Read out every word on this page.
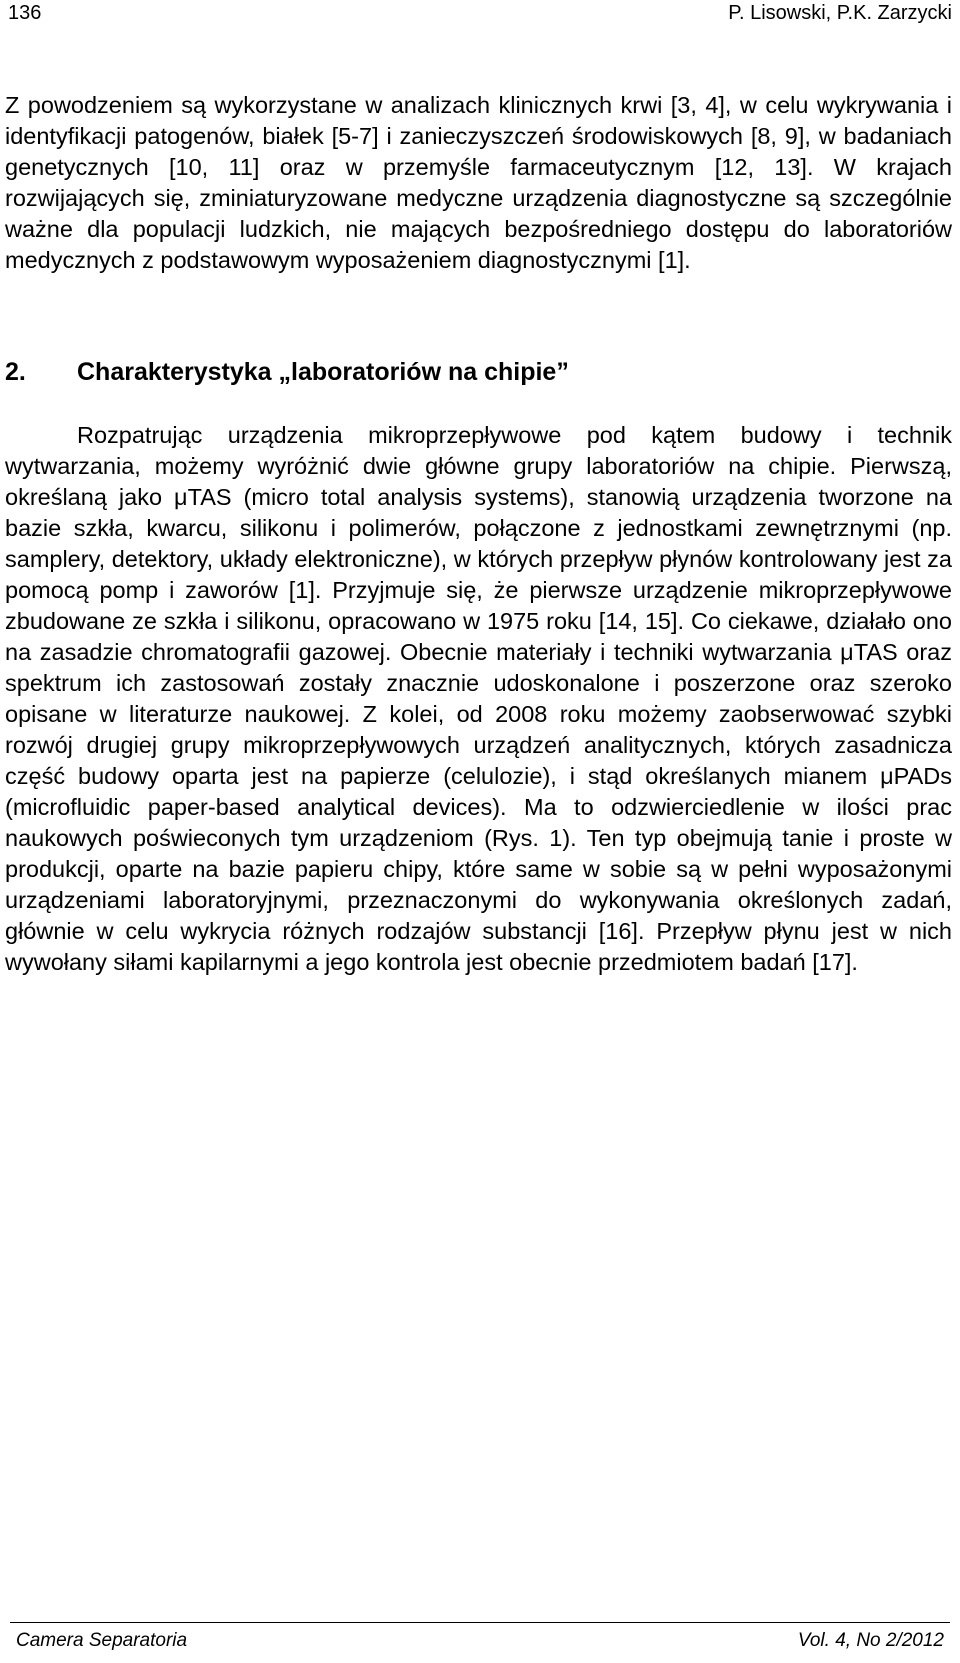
136	P. Lisowski, P.K. Zarzycki

Z powodzeniem są wykorzystane w analizach klinicznych krwi [3, 4], w celu wykrywania i identyfikacji patogenów, białek [5-7] i zanieczyszczeń środowiskowych [8, 9], w badaniach genetycznych [10, 11] oraz w przemyśle farmaceutycznym [12, 13]. W krajach rozwijających się, zminiaturyzowane medyczne urządzenia diagnostyczne są szczególnie ważne dla populacji ludzkich, nie mających bezpośredniego dostępu do laboratoriów medycznych z podstawowym wyposażeniem diagnostycznymi [1].

2. Charakterystyka „laboratoriów na chipie”

Rozpatrując urządzenia mikroprzepływowe pod kątem budowy i technik wytwarzania, możemy wyróżnić dwie główne grupy laboratoriów na chipie. Pierwszą, określaną jako μTAS (micro total analysis systems), stanowią urządzenia tworzone na bazie szkła, kwarcu, silikonu i polimerów, połączone z jednostkami zewnętrznymi (np. samplery, detektory, układy elektroniczne), w których przepływ płynów kontrolowany jest za pomocą pomp i zaworów [1]. Przyjmuje się, że pierwsze urządzenie mikroprzepływowe zbudowane ze szkła i silikonu, opracowano w 1975 roku [14, 15]. Co ciekawe, działało ono na zasadzie chromatografii gazowej. Obecnie materiały i techniki wytwarzania μTAS oraz spektrum ich zastosowań zostały znacznie udoskonalone i poszerzone oraz szeroko opisane w literaturze naukowej. Z kolei, od 2008 roku możemy zaobserwować szybki rozwój drugiej grupy mikroprzepływowych urządzeń analitycznych, których zasadnicza część budowy oparta jest na papierze (celulozie), i stąd określanych mianem μPADs (microfluidic paper-based analytical devices). Ma to odzwierciedlenie w ilości prac naukowych poświeconych tym urządzeniom (Rys. 1). Ten typ obejmują tanie i proste w produkcji, oparte na bazie papieru chipy, które same w sobie są w pełni wyposażonymi urządzeniami laboratoryjnymi, przeznaczonymi do wykonywania określonych zadań, głównie w celu wykrycia różnych rodzajów substancji [16]. Przepływ płynu jest w nich wywołany siłami kapilarnymi a jego kontrola jest obecnie przedmiotem badań [17].

Camera Separatoria	Vol. 4, No 2/2012
